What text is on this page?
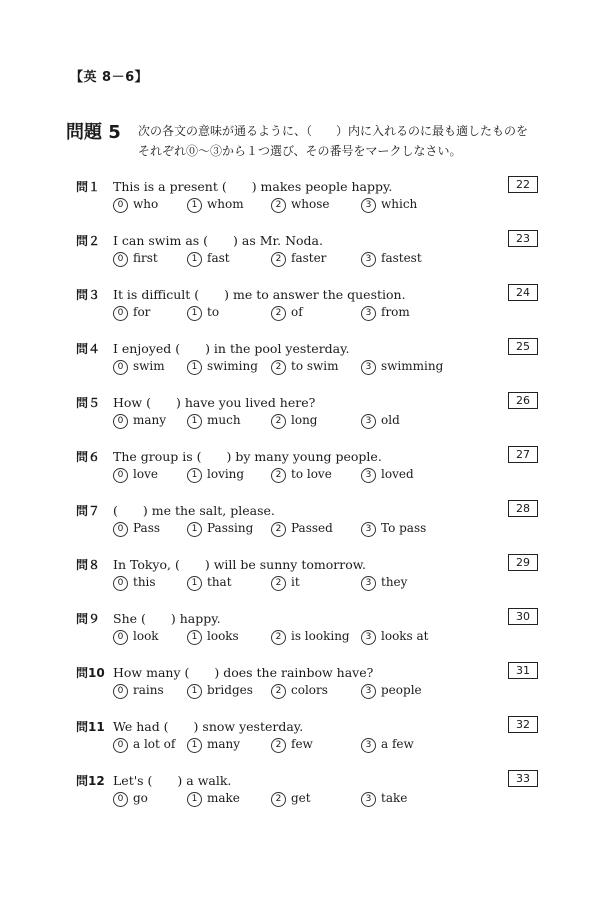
【英 8－6】
問題 5 次の各文の意味が通るように、（　　）内に入れるのに最も適したものをそれぞれ⓪～③から１つ選び、その番号をマークしなさい。
問１ This is a present (　　) makes people happy.
0 who	1 whom	2 whose	3 which
22
問２ I can swim as (　　) as Mr. Noda.
0 first	1 fast	2 faster	3 fastest
23
問３ It is difficult (　　) me to answer the question.
0 for	1 to	2 of	3 from
24
問４ I enjoyed (　　) in the pool yesterday.
0 swim	1 swiming	2 to swim	3 swimming
25
問５ How (　　) have you lived here?
0 many	1 much	2 long	3 old
26
問６ The group is (　　) by many young people.
0 love	1 loving	2 to love	3 loved
27
問７ (　　) me the salt, please.
0 Pass	1 Passing	2 Passed	3 To pass
28
問８ In Tokyo, (　　) will be sunny tomorrow.
0 this	1 that	2 it	3 they
29
問９ She (　　) happy.
0 look	1 looks	2 is looking	3 looks at
30
問10 How many (　　) does the rainbow have?
0 rains	1 bridges	2 colors	3 people
31
問11 We had (　　) snow yesterday.
0 a lot of	1 many	2 few	3 a few
32
問12 Let's (　　) a walk.
0 go	1 make	2 get	3 take
33
